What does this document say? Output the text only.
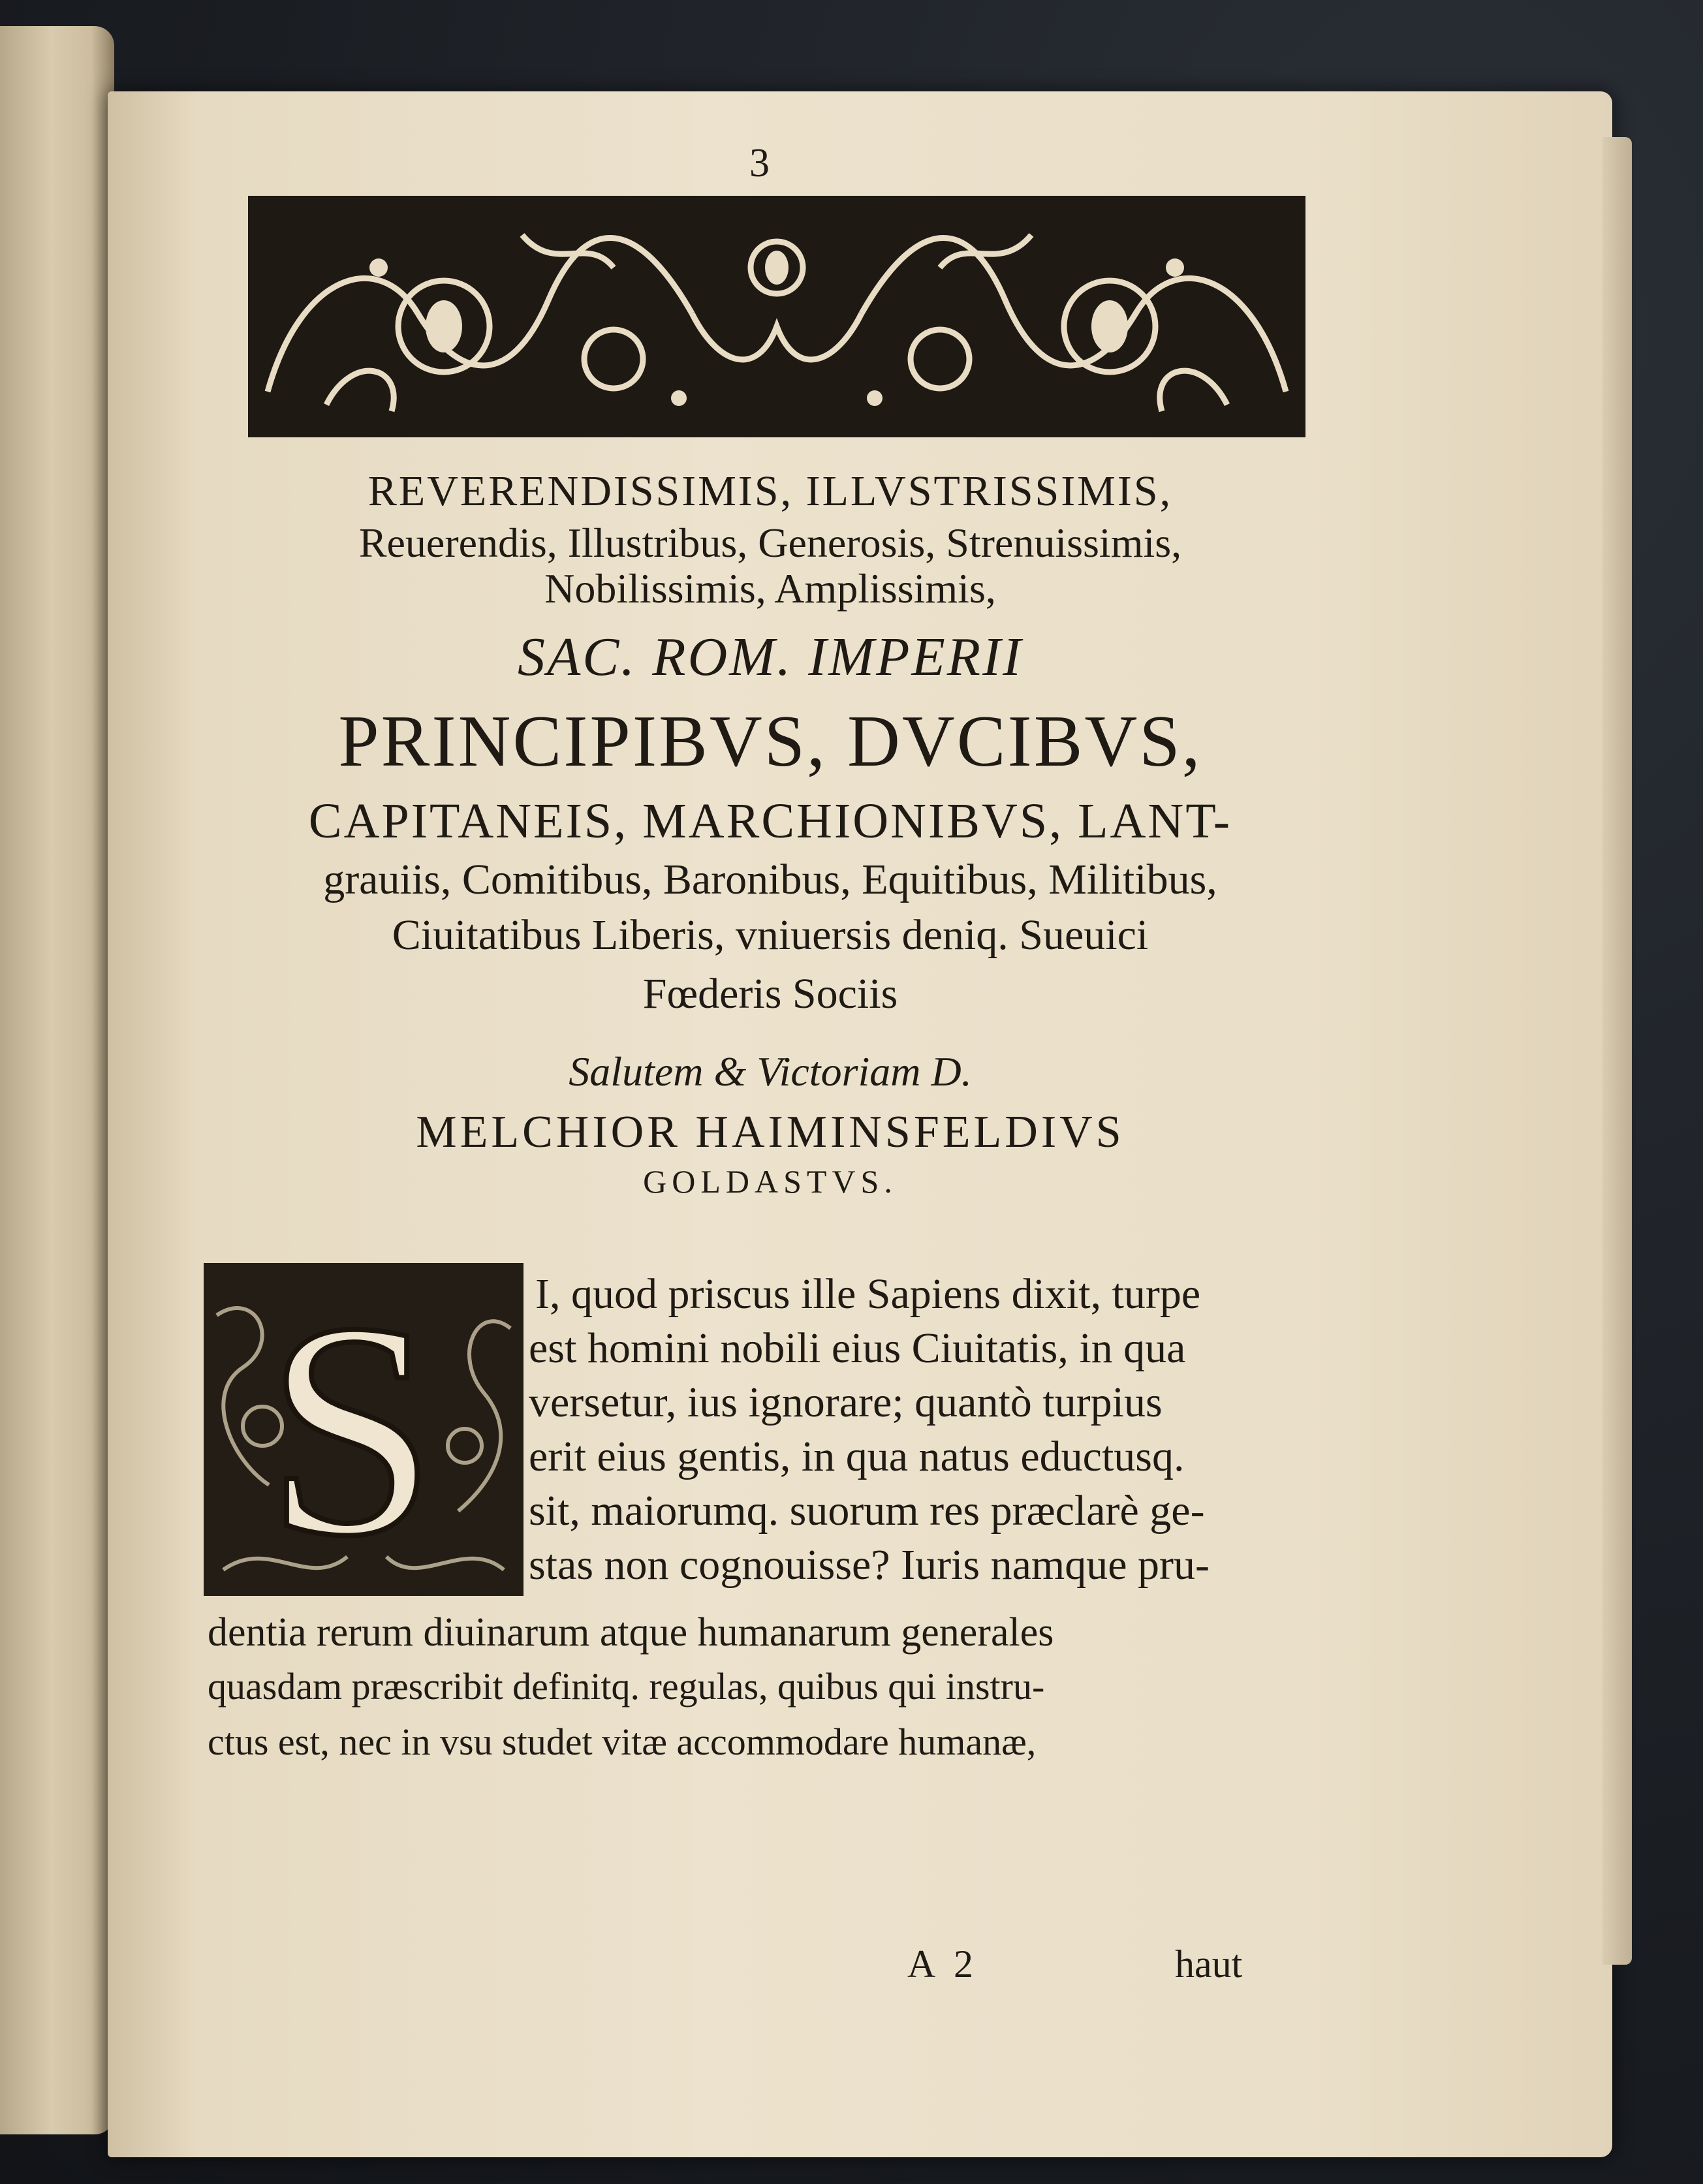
3
REVERENDISSIMIS, ILLVSTRISSIMIS,
Reuerendis, Illustribus, Generosis, Strenuissimis,
Nobilissimis, Amplissimis,
SAC. ROM. IMPERII
PRINCIPIBVS, DVCIBVS,
CAPITANEIS, MARCHIONIBVS, LANT-
grauiis, Comitibus, Baronibus, Equitibus, Militibus,
Ciuitatibus Liberis, vniuersis deniq. Sueuici
Fœderis Sociis
Salutem & Victoriam D.
MELCHIOR HAIMINSFELDIVS
GOLDASTVS.
S I, quod priscus ille Sapiens dixit, turpe
est homini nobili eius Ciuitatis, in qua
versetur, ius ignorare; quantò turpius
erit eius gentis, in qua natus eductusq.
sit, maiorumq. suorum res præclarè ge-
stas non cognouisse? Iuris namque pru-
dentia rerum diuinarum atque humanarum generales
quasdam præscribit definitq. regulas, quibus qui instru-
ctus est, nec in vsu studet vitæ accommodare humanæ,
A 2	haut
